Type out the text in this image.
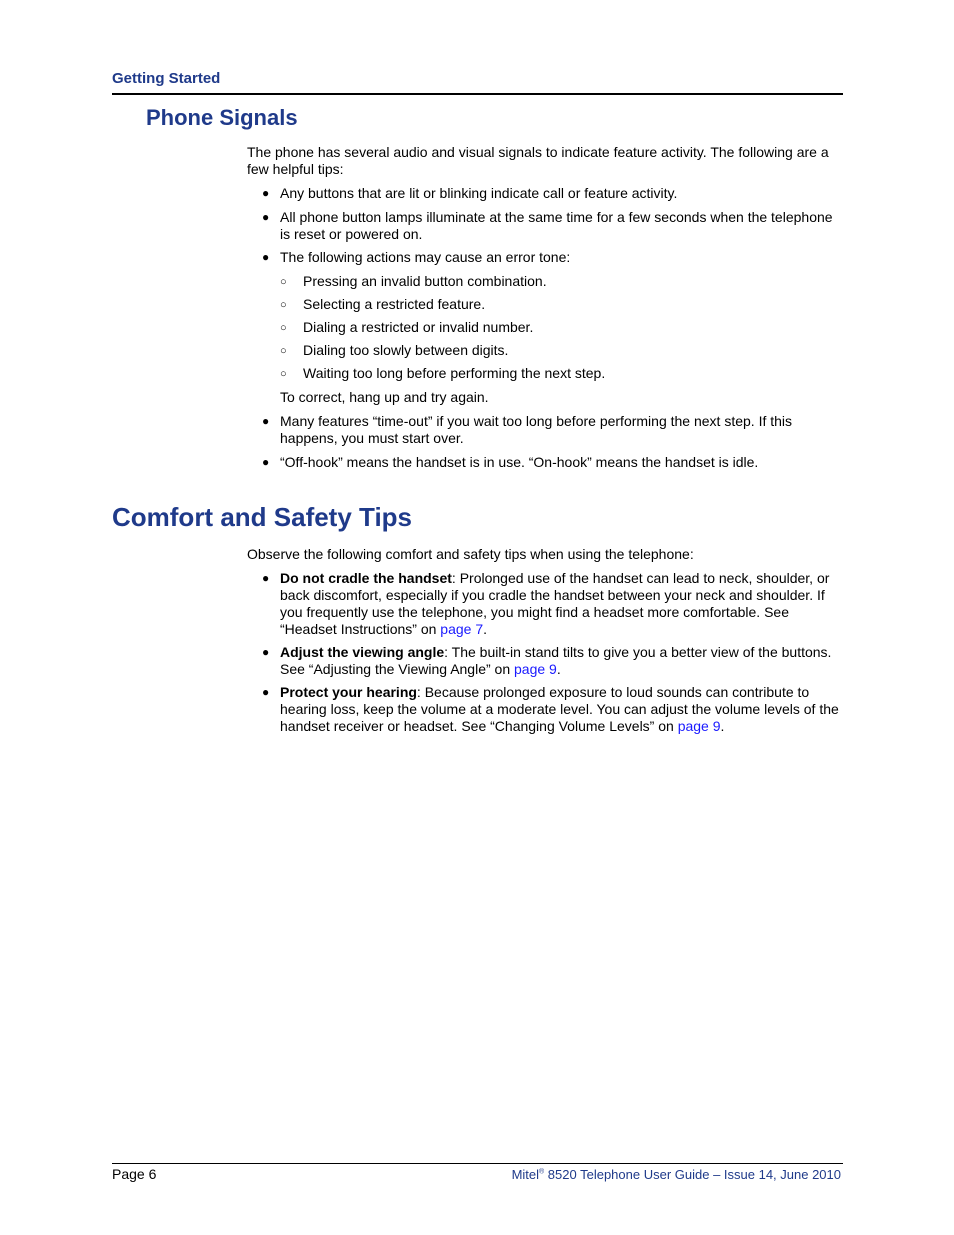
Getting Started
Phone Signals

The phone has several audio and visual signals to indicate feature activity. The following are a few helpful tips:

● Any buttons that are lit or blinking indicate call or feature activity.
● All phone button lamps illuminate at the same time for a few seconds when the telephone is reset or powered on.
● The following actions may cause an error tone:
○ Pressing an invalid button combination.
○ Selecting a restricted feature.
○ Dialing a restricted or invalid number.
○ Dialing too slowly between digits.
○ Waiting too long before performing the next step.

To correct, hang up and try again.

● Many features “time-out” if you wait too long before performing the next step. If this happens, you must start over.
● “Off-hook” means the handset is in use. “On-hook” means the handset is idle.
Comfort and Safety Tips

Observe the following comfort and safety tips when using the telephone:

● Do not cradle the handset: Prolonged use of the handset can lead to neck, shoulder, or back discomfort, especially if you cradle the handset between your neck and shoulder. If you frequently use the telephone, you might find a headset more comfortable. See “Headset Instructions” on page 7.
● Adjust the viewing angle: The built-in stand tilts to give you a better view of the buttons. See “Adjusting the Viewing Angle” on page 9.
● Protect your hearing: Because prolonged exposure to loud sounds can contribute to hearing loss, keep the volume at a moderate level. You can adjust the volume levels of the handset receiver or headset. See “Changing Volume Levels” on page 9.
Page 6	Mitel® 8520 Telephone User Guide – Issue 14, June 2010
